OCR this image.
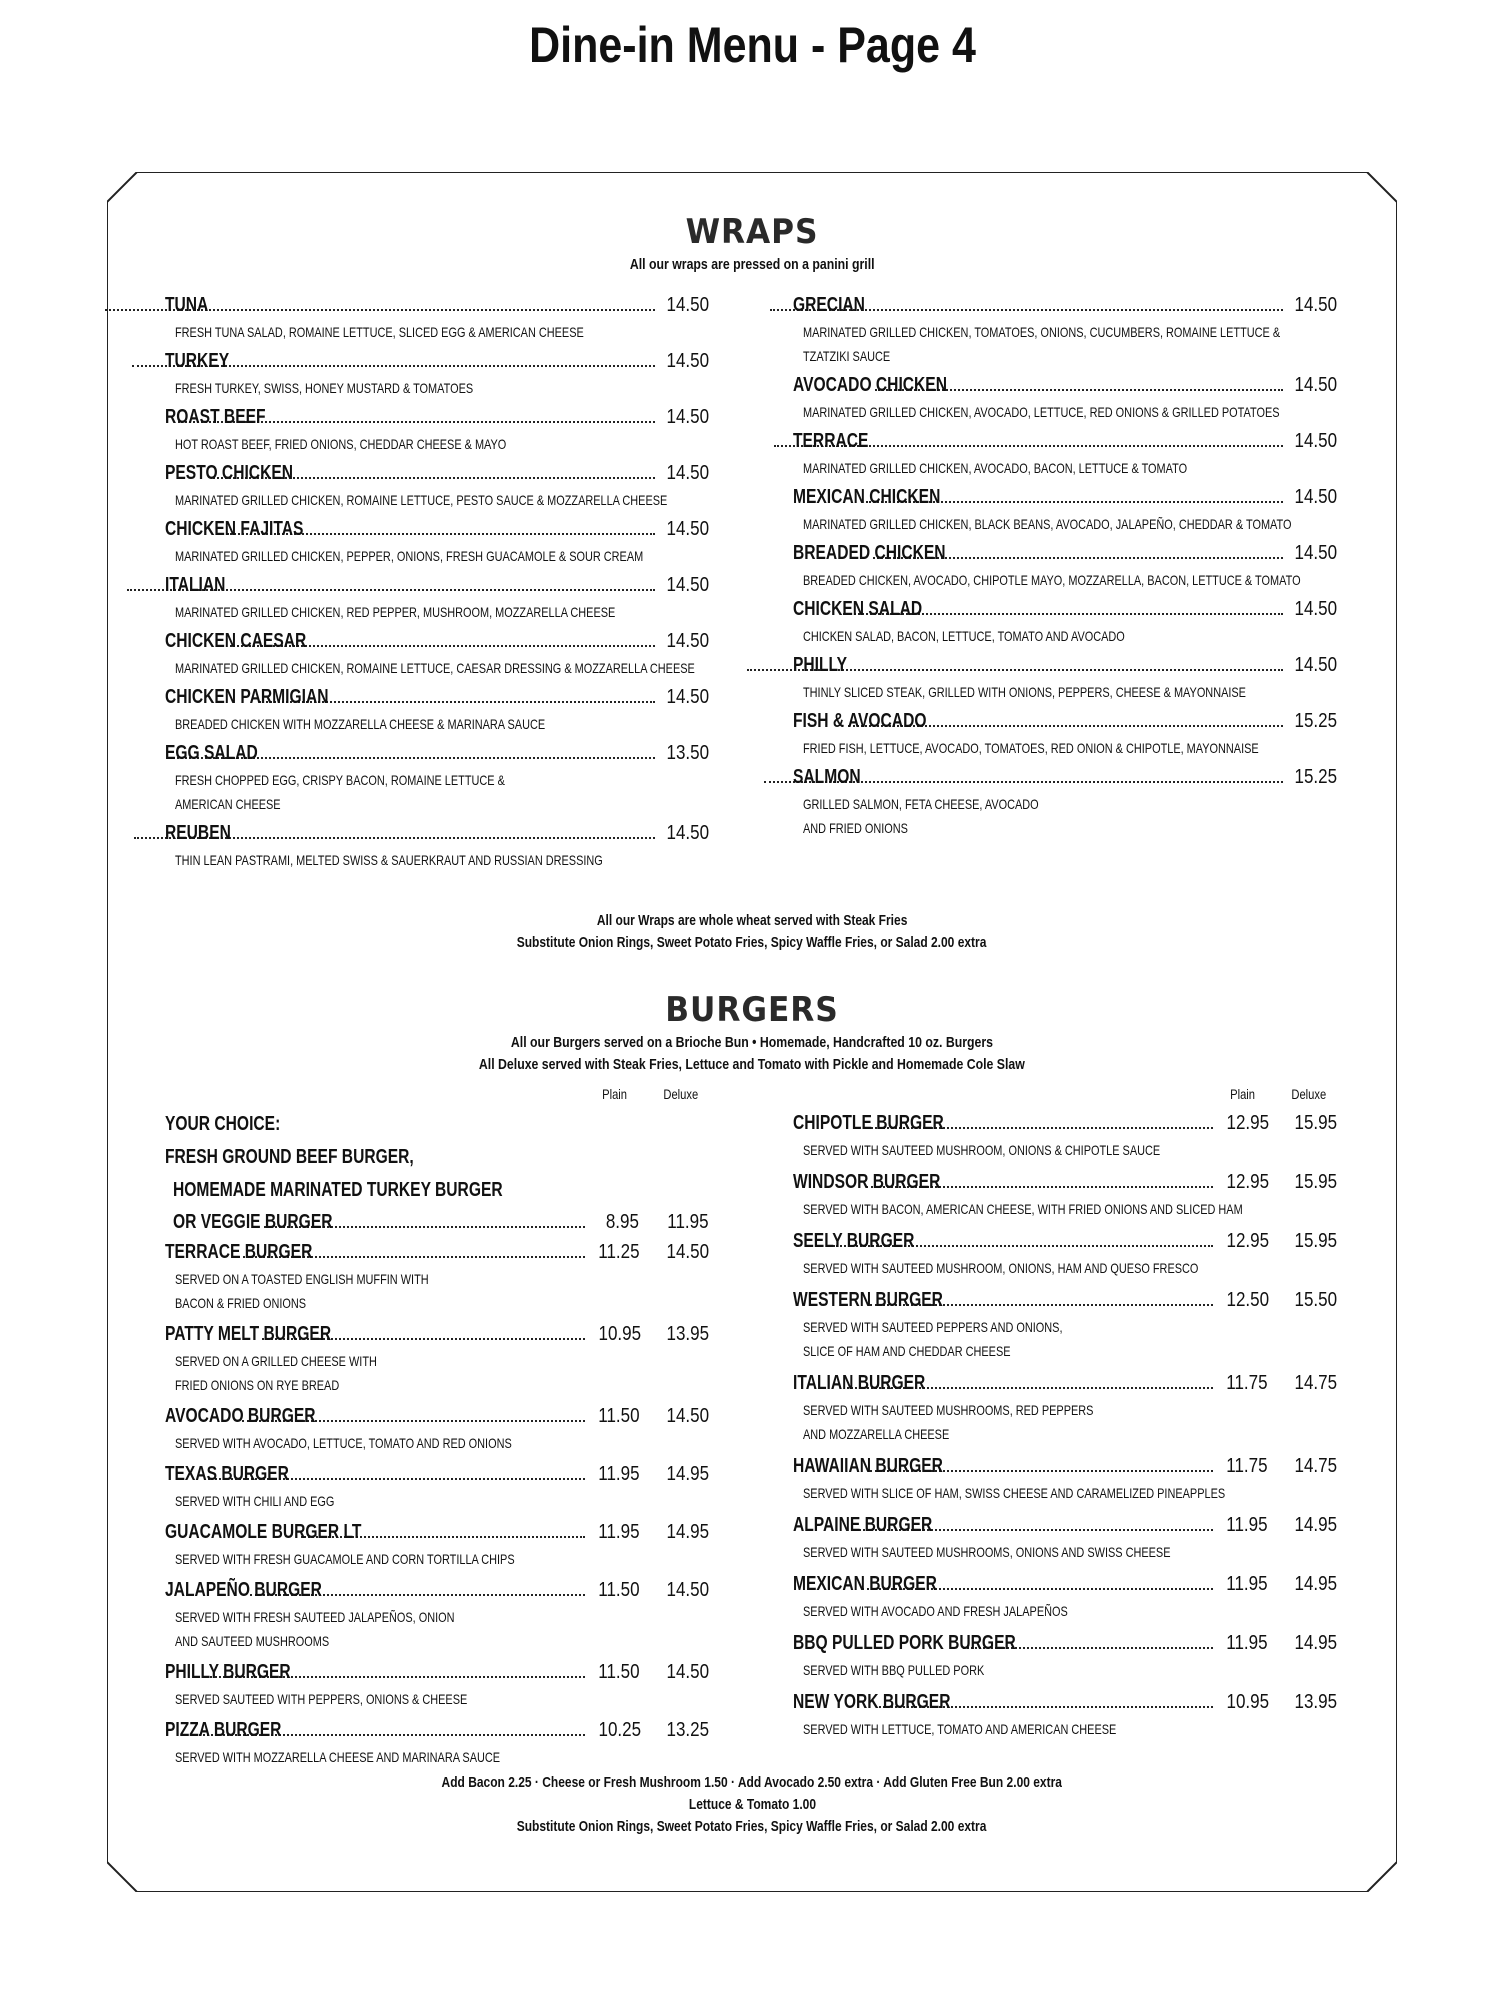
Dine-in Menu - Page 4
WRAPS
All our wraps are pressed on a panini grill
TUNA	14.50
FRESH TUNA SALAD, ROMAINE LETTUCE, SLICED EGG & AMERICAN CHEESE
TURKEY	14.50
FRESH TURKEY, SWISS, HONEY MUSTARD & TOMATOES
ROAST BEEF	14.50
HOT ROAST BEEF, FRIED ONIONS, CHEDDAR CHEESE & MAYO
PESTO CHICKEN	14.50
MARINATED GRILLED CHICKEN, ROMAINE LETTUCE, PESTO SAUCE & MOZZARELLA CHEESE
CHICKEN FAJITAS	14.50
MARINATED GRILLED CHICKEN, PEPPER, ONIONS, FRESH GUACAMOLE & SOUR CREAM
ITALIAN	14.50
MARINATED GRILLED CHICKEN, RED PEPPER, MUSHROOM, MOZZARELLA CHEESE
CHICKEN CAESAR	14.50
MARINATED GRILLED CHICKEN, ROMAINE LETTUCE, CAESAR DRESSING & MOZZARELLA CHEESE
CHICKEN PARMIGIAN	14.50
BREADED CHICKEN WITH MOZZARELLA CHEESE & MARINARA SAUCE
EGG SALAD	13.50
FRESH CHOPPED EGG, CRISPY BACON, ROMAINE LETTUCE &
AMERICAN CHEESE
REUBEN	14.50
THIN LEAN PASTRAMI, MELTED SWISS & SAUERKRAUT AND RUSSIAN DRESSING
GRECIAN	14.50
MARINATED GRILLED CHICKEN, TOMATOES, ONIONS, CUCUMBERS, ROMAINE LETTUCE &
TZATZIKI SAUCE
AVOCADO CHICKEN	14.50
MARINATED GRILLED CHICKEN, AVOCADO, LETTUCE, RED ONIONS & GRILLED POTATOES
TERRACE	14.50
MARINATED GRILLED CHICKEN, AVOCADO, BACON, LETTUCE & TOMATO
MEXICAN CHICKEN	14.50
MARINATED GRILLED CHICKEN, BLACK BEANS, AVOCADO, JALAPEÑO, CHEDDAR & TOMATO
BREADED CHICKEN	14.50
BREADED CHICKEN, AVOCADO, CHIPOTLE MAYO, MOZZARELLA, BACON, LETTUCE & TOMATO
CHICKEN SALAD	14.50
CHICKEN SALAD, BACON, LETTUCE, TOMATO AND AVOCADO
PHILLY	14.50
THINLY SLICED STEAK, GRILLED WITH ONIONS, PEPPERS, CHEESE & MAYONNAISE
FISH & AVOCADO	15.25
FRIED FISH, LETTUCE, AVOCADO, TOMATOES, RED ONION & CHIPOTLE, MAYONNAISE
SALMON	15.25
GRILLED SALMON, FETA CHEESE, AVOCADO
AND FRIED ONIONS
All our Wraps are whole wheat served with Steak Fries
Substitute Onion Rings, Sweet Potato Fries, Spicy Waffle Fries, or Salad 2.00 extra
BURGERS
All our Burgers served on a Brioche Bun • Homemade, Handcrafted 10 oz. Burgers
All Deluxe served with Steak Fries, Lettuce and Tomato with Pickle and Homemade Cole Slaw
Plain	Deluxe	Plain	Deluxe
YOUR CHOICE:
FRESH GROUND BEEF BURGER,
HOMEMADE MARINATED TURKEY BURGER
OR VEGGIE BURGER	8.95	11.95
TERRACE BURGER	11.25	14.50
SERVED ON A TOASTED ENGLISH MUFFIN WITH
BACON & FRIED ONIONS
PATTY MELT BURGER	10.95	13.95
SERVED ON A GRILLED CHEESE WITH
FRIED ONIONS ON RYE BREAD
AVOCADO BURGER	11.50	14.50
SERVED WITH AVOCADO, LETTUCE, TOMATO AND RED ONIONS
TEXAS BURGER	11.95	14.95
SERVED WITH CHILI AND EGG
GUACAMOLE BURGER LT	11.95	14.95
SERVED WITH FRESH GUACAMOLE AND CORN TORTILLA CHIPS
JALAPEÑO BURGER	11.50	14.50
SERVED WITH FRESH SAUTEED JALAPEÑOS, ONION
AND SAUTEED MUSHROOMS
PHILLY BURGER	11.50	14.50
SERVED SAUTEED WITH PEPPERS, ONIONS & CHEESE
PIZZA BURGER	10.25	13.25
SERVED WITH MOZZARELLA CHEESE AND MARINARA SAUCE
CHIPOTLE BURGER	12.95	15.95
SERVED WITH SAUTEED MUSHROOM, ONIONS & CHIPOTLE SAUCE
WINDSOR BURGER	12.95	15.95
SERVED WITH BACON, AMERICAN CHEESE, WITH FRIED ONIONS AND SLICED HAM
SEELY BURGER	12.95	15.95
SERVED WITH SAUTEED MUSHROOM, ONIONS, HAM AND QUESO FRESCO
WESTERN BURGER	12.50	15.50
SERVED WITH SAUTEED PEPPERS AND ONIONS,
SLICE OF HAM AND CHEDDAR CHEESE
ITALIAN BURGER	11.75	14.75
SERVED WITH SAUTEED MUSHROOMS, RED PEPPERS
AND MOZZARELLA CHEESE
HAWAIIAN BURGER	11.75	14.75
SERVED WITH SLICE OF HAM, SWISS CHEESE AND CARAMELIZED PINEAPPLES
ALPAINE BURGER	11.95	14.95
SERVED WITH SAUTEED MUSHROOMS, ONIONS AND SWISS CHEESE
MEXICAN BURGER	11.95	14.95
SERVED WITH AVOCADO AND FRESH JALAPEÑOS
BBQ PULLED PORK BURGER	11.95	14.95
SERVED WITH BBQ PULLED PORK
NEW YORK BURGER	10.95	13.95
SERVED WITH LETTUCE, TOMATO AND AMERICAN CHEESE
Add Bacon 2.25 · Cheese or Fresh Mushroom 1.50 · Add Avocado 2.50 extra · Add Gluten Free Bun 2.00 extra
Lettuce & Tomato 1.00
Substitute Onion Rings, Sweet Potato Fries, Spicy Waffle Fries, or Salad 2.00 extra
